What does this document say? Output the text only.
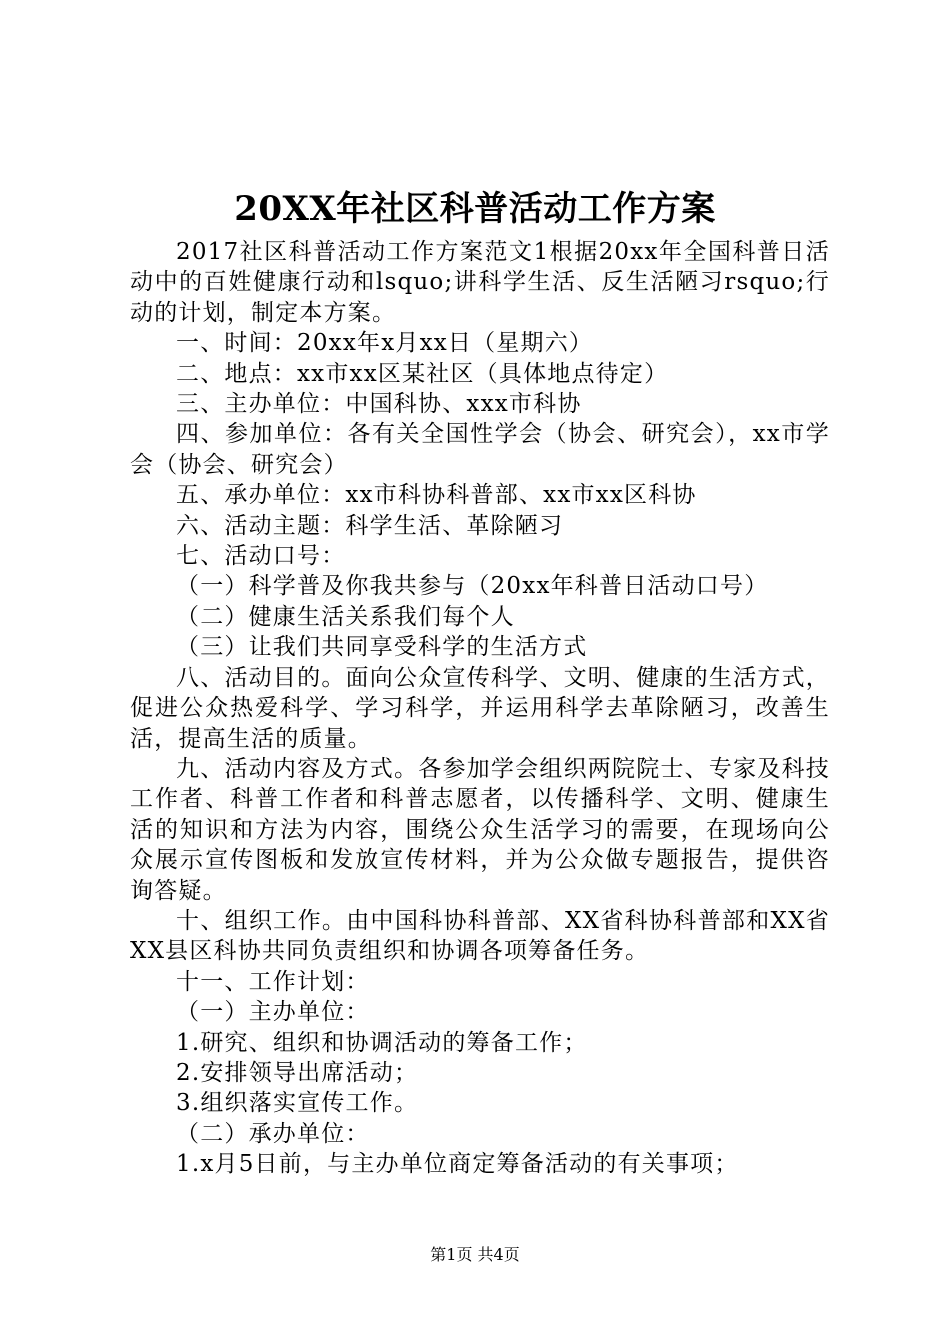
20XX年社区科普活动工作方案

2017社区科普活动工作方案范文1根据20xx年全国科普日活动中的百姓健康行动和lsquo;讲科学生活、反生活陋习rsquo;行动的计划，制定本方案。

一、时间：20xx年x月xx日（星期六）

二、地点：xx市xx区某社区（具体地点待定）

三、主办单位：中国科协、xxx市科协

四、参加单位：各有关全国性学会（协会、研究会），xx市学会（协会、研究会）

五、承办单位：xx市科协科普部、xx市xx区科协

六、活动主题：科学生活、革除陋习

七、活动口号：

（一）科学普及你我共参与（20xx年科普日活动口号）

（二）健康生活关系我们每个人

（三）让我们共同享受科学的生活方式

八、活动目的。面向公众宣传科学、文明、健康的生活方式，促进公众热爱科学、学习科学，并运用科学去革除陋习，改善生活，提高生活的质量。

九、活动内容及方式。各参加学会组织两院院士、专家及科技工作者、科普工作者和科普志愿者，以传播科学、文明、健康生活的知识和方法为内容，围绕公众生活学习的需要，在现场向公众展示宣传图板和发放宣传材料，并为公众做专题报告，提供咨询答疑。

十、组织工作。由中国科协科普部、XX省科协科普部和XX省XX县区科协共同负责组织和协调各项筹备任务。

十一、工作计划：

（一）主办单位：

1.研究、组织和协调活动的筹备工作；

2.安排领导出席活动；

3.组织落实宣传工作。

（二）承办单位：

1.x月5日前，与主办单位商定筹备活动的有关事项；

第1页 共4页
